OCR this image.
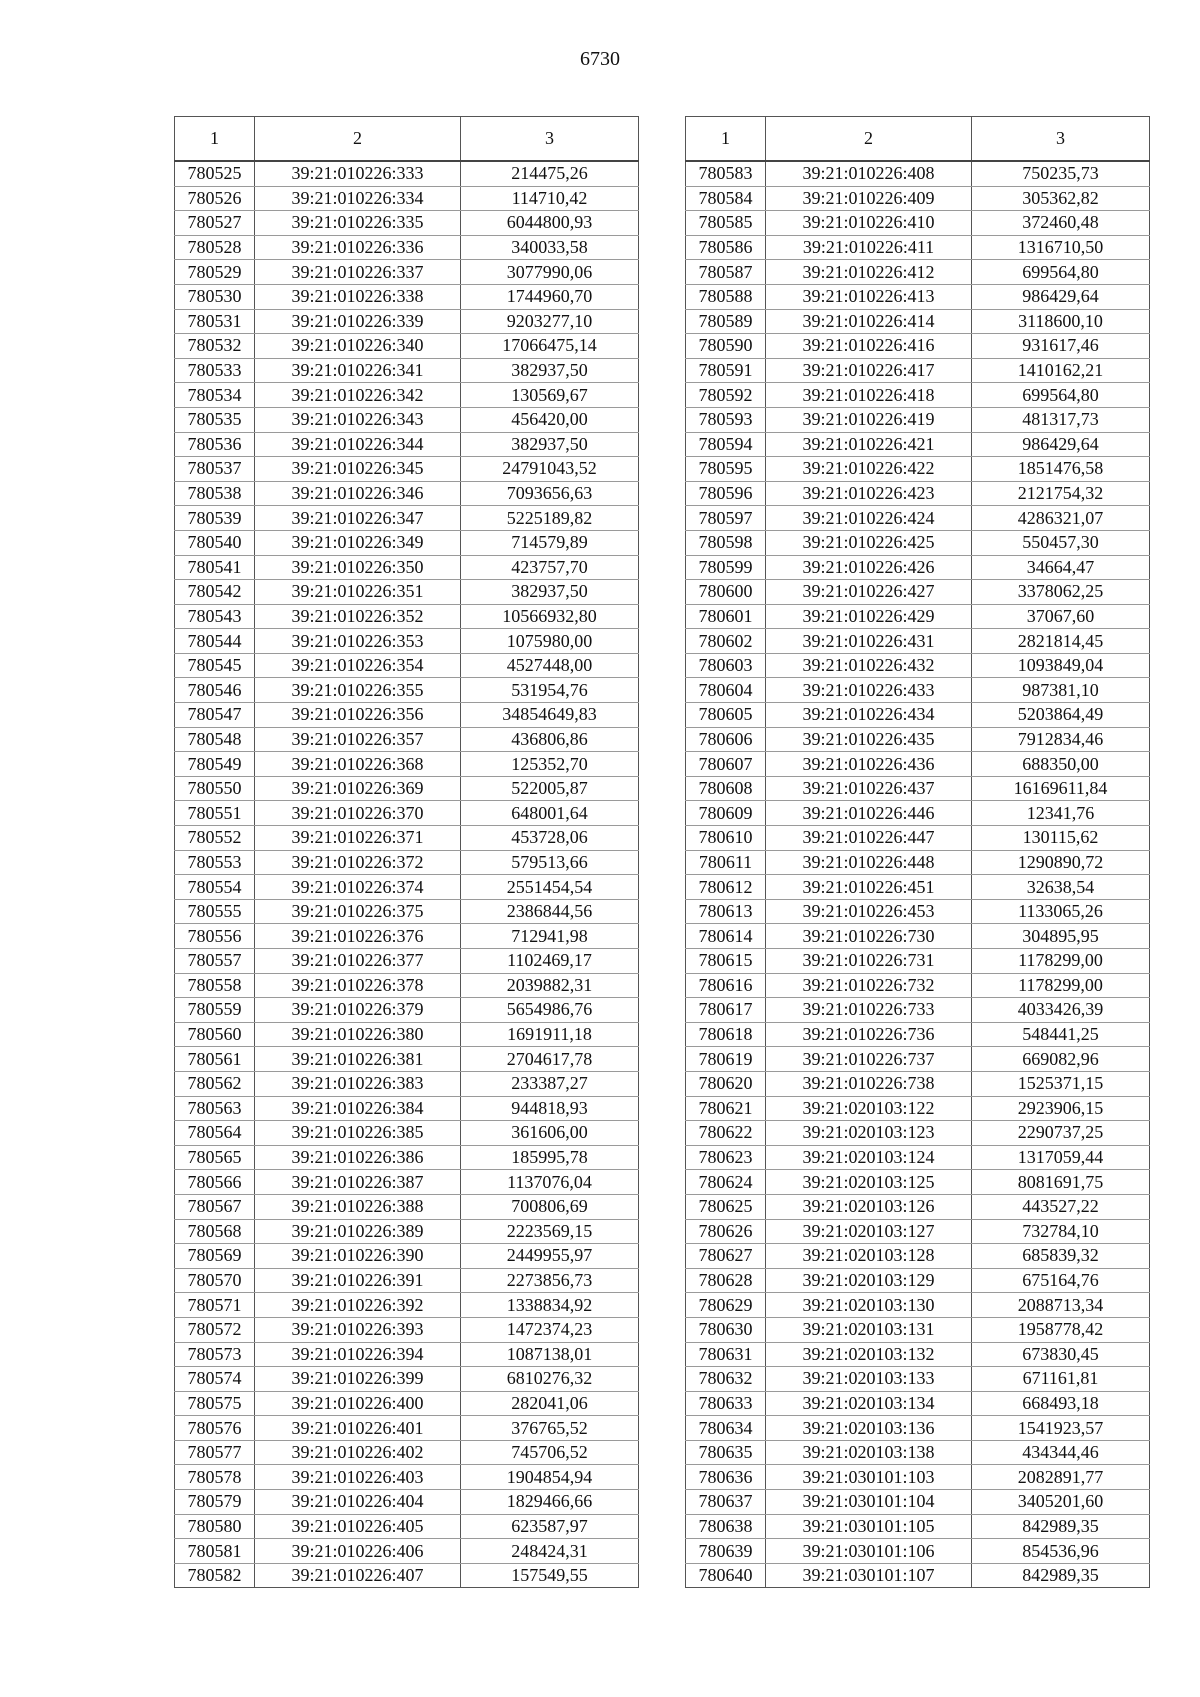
6730
1	2	3
780525	39:21:010226:333	214475,26
780526	39:21:010226:334	114710,42
780527	39:21:010226:335	6044800,93
780528	39:21:010226:336	340033,58
780529	39:21:010226:337	3077990,06
780530	39:21:010226:338	1744960,70
780531	39:21:010226:339	9203277,10
780532	39:21:010226:340	17066475,14
780533	39:21:010226:341	382937,50
780534	39:21:010226:342	130569,67
780535	39:21:010226:343	456420,00
780536	39:21:010226:344	382937,50
780537	39:21:010226:345	24791043,52
780538	39:21:010226:346	7093656,63
780539	39:21:010226:347	5225189,82
780540	39:21:010226:349	714579,89
780541	39:21:010226:350	423757,70
780542	39:21:010226:351	382937,50
780543	39:21:010226:352	10566932,80
780544	39:21:010226:353	1075980,00
780545	39:21:010226:354	4527448,00
780546	39:21:010226:355	531954,76
780547	39:21:010226:356	34854649,83
780548	39:21:010226:357	436806,86
780549	39:21:010226:368	125352,70
780550	39:21:010226:369	522005,87
780551	39:21:010226:370	648001,64
780552	39:21:010226:371	453728,06
780553	39:21:010226:372	579513,66
780554	39:21:010226:374	2551454,54
780555	39:21:010226:375	2386844,56
780556	39:21:010226:376	712941,98
780557	39:21:010226:377	1102469,17
780558	39:21:010226:378	2039882,31
780559	39:21:010226:379	5654986,76
780560	39:21:010226:380	1691911,18
780561	39:21:010226:381	2704617,78
780562	39:21:010226:383	233387,27
780563	39:21:010226:384	944818,93
780564	39:21:010226:385	361606,00
780565	39:21:010226:386	185995,78
780566	39:21:010226:387	1137076,04
780567	39:21:010226:388	700806,69
780568	39:21:010226:389	2223569,15
780569	39:21:010226:390	2449955,97
780570	39:21:010226:391	2273856,73
780571	39:21:010226:392	1338834,92
780572	39:21:010226:393	1472374,23
780573	39:21:010226:394	1087138,01
780574	39:21:010226:399	6810276,32
780575	39:21:010226:400	282041,06
780576	39:21:010226:401	376765,52
780577	39:21:010226:402	745706,52
780578	39:21:010226:403	1904854,94
780579	39:21:010226:404	1829466,66
780580	39:21:010226:405	623587,97
780581	39:21:010226:406	248424,31
780582	39:21:010226:407	157549,55
1	2	3
780583	39:21:010226:408	750235,73
780584	39:21:010226:409	305362,82
780585	39:21:010226:410	372460,48
780586	39:21:010226:411	1316710,50
780587	39:21:010226:412	699564,80
780588	39:21:010226:413	986429,64
780589	39:21:010226:414	3118600,10
780590	39:21:010226:416	931617,46
780591	39:21:010226:417	1410162,21
780592	39:21:010226:418	699564,80
780593	39:21:010226:419	481317,73
780594	39:21:010226:421	986429,64
780595	39:21:010226:422	1851476,58
780596	39:21:010226:423	2121754,32
780597	39:21:010226:424	4286321,07
780598	39:21:010226:425	550457,30
780599	39:21:010226:426	34664,47
780600	39:21:010226:427	3378062,25
780601	39:21:010226:429	37067,60
780602	39:21:010226:431	2821814,45
780603	39:21:010226:432	1093849,04
780604	39:21:010226:433	987381,10
780605	39:21:010226:434	5203864,49
780606	39:21:010226:435	7912834,46
780607	39:21:010226:436	688350,00
780608	39:21:010226:437	16169611,84
780609	39:21:010226:446	12341,76
780610	39:21:010226:447	130115,62
780611	39:21:010226:448	1290890,72
780612	39:21:010226:451	32638,54
780613	39:21:010226:453	1133065,26
780614	39:21:010226:730	304895,95
780615	39:21:010226:731	1178299,00
780616	39:21:010226:732	1178299,00
780617	39:21:010226:733	4033426,39
780618	39:21:010226:736	548441,25
780619	39:21:010226:737	669082,96
780620	39:21:010226:738	1525371,15
780621	39:21:020103:122	2923906,15
780622	39:21:020103:123	2290737,25
780623	39:21:020103:124	1317059,44
780624	39:21:020103:125	8081691,75
780625	39:21:020103:126	443527,22
780626	39:21:020103:127	732784,10
780627	39:21:020103:128	685839,32
780628	39:21:020103:129	675164,76
780629	39:21:020103:130	2088713,34
780630	39:21:020103:131	1958778,42
780631	39:21:020103:132	673830,45
780632	39:21:020103:133	671161,81
780633	39:21:020103:134	668493,18
780634	39:21:020103:136	1541923,57
780635	39:21:020103:138	434344,46
780636	39:21:030101:103	2082891,77
780637	39:21:030101:104	3405201,60
780638	39:21:030101:105	842989,35
780639	39:21:030101:106	854536,96
780640	39:21:030101:107	842989,35
